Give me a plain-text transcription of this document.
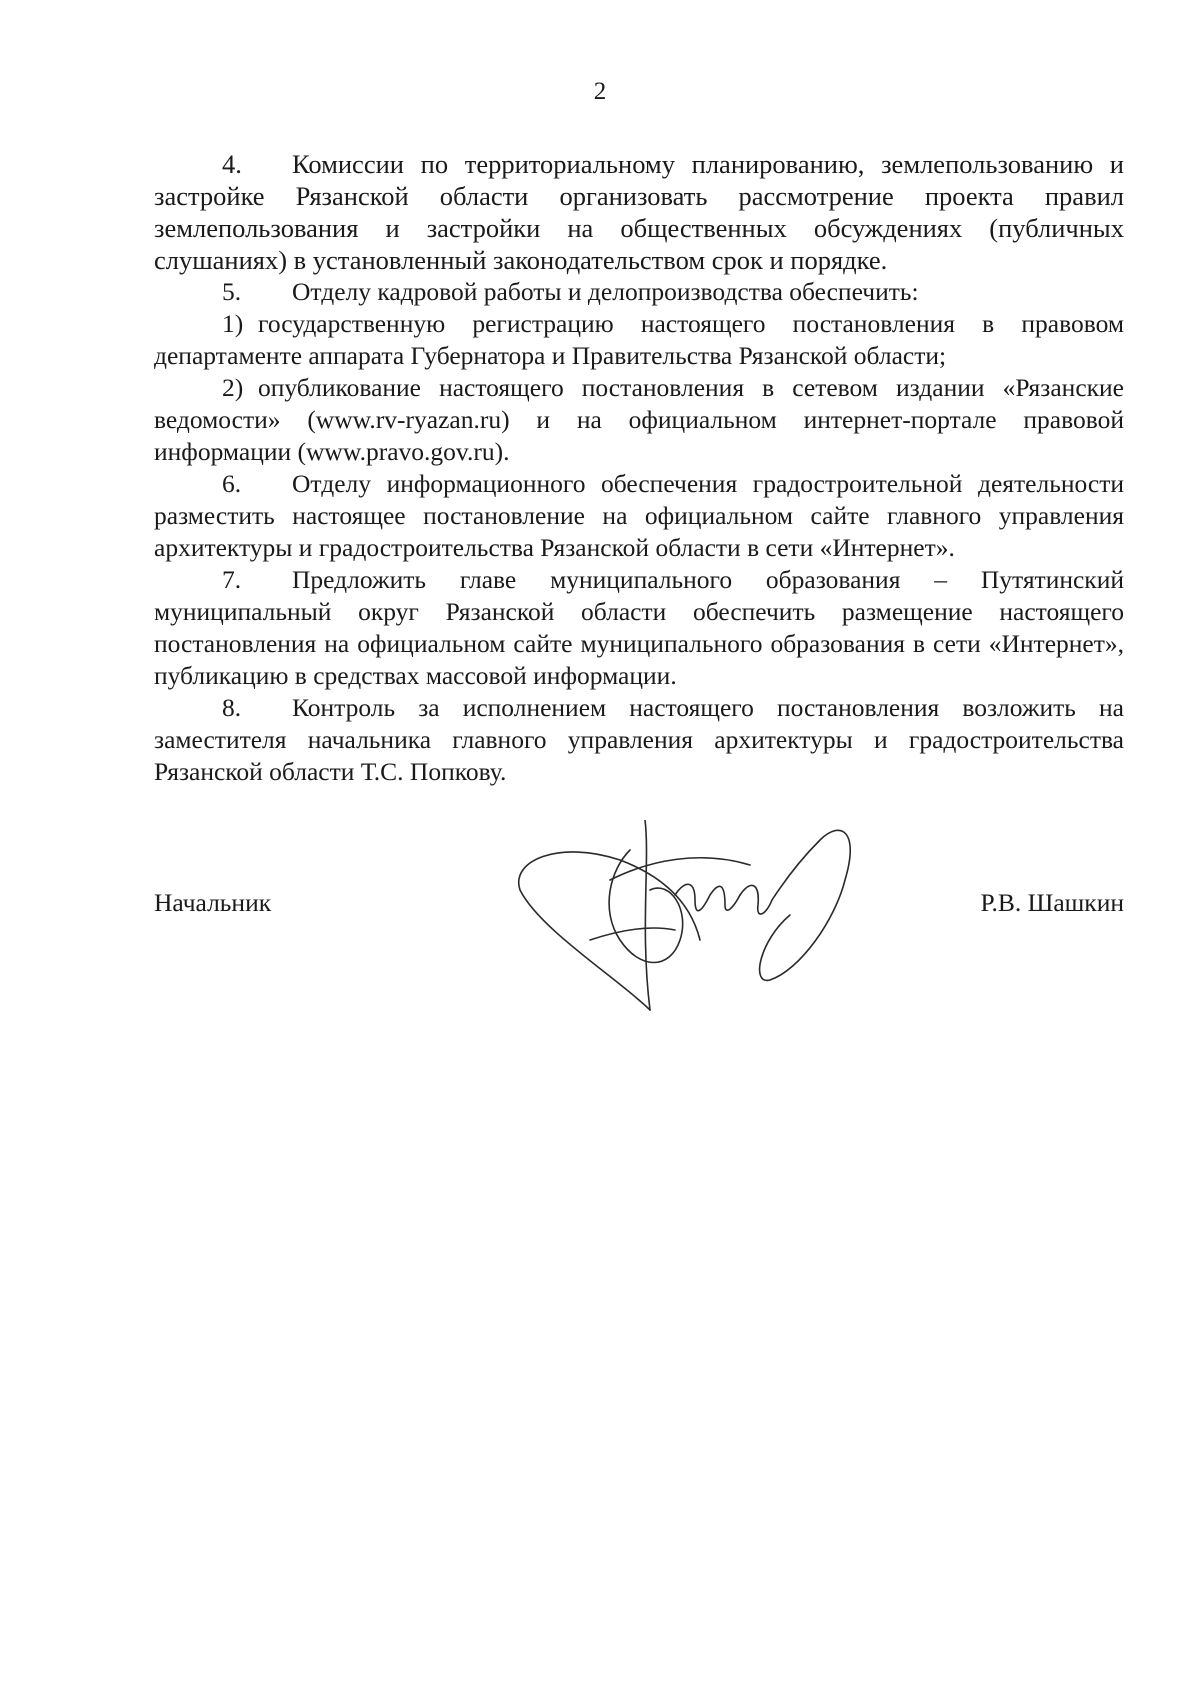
2

4. Комиссии по территориальному планированию, землепользованию и застройке Рязанской области организовать рассмотрение проекта правил землепользования и застройки на общественных обсуждениях (публичных слушаниях) в установленный законодательством срок и порядке.

5. Отделу кадровой работы и делопроизводства обеспечить:

1) государственную регистрацию настоящего постановления в правовом департаменте аппарата Губернатора и Правительства Рязанской области;

2) опубликование настоящего постановления в сетевом издании «Рязанские ведомости» (www.rv-ryazan.ru) и на официальном интернет-портале правовой информации (www.pravo.gov.ru).

6. Отделу информационного обеспечения градостроительной деятельности разместить настоящее постановление на официальном сайте главного управления архитектуры и градостроительства Рязанской области в сети «Интернет».

7. Предложить главе муниципального образования – Путятинский муниципальный округ Рязанской области обеспечить размещение настоящего постановления на официальном сайте муниципального образования в сети «Интернет», публикацию в средствах массовой информации.

8. Контроль за исполнением настоящего постановления возложить на заместителя начальника главного управления архитектуры и градостроительства Рязанской области Т.С. Попкову.

Начальник	Р.В. Шашкин
